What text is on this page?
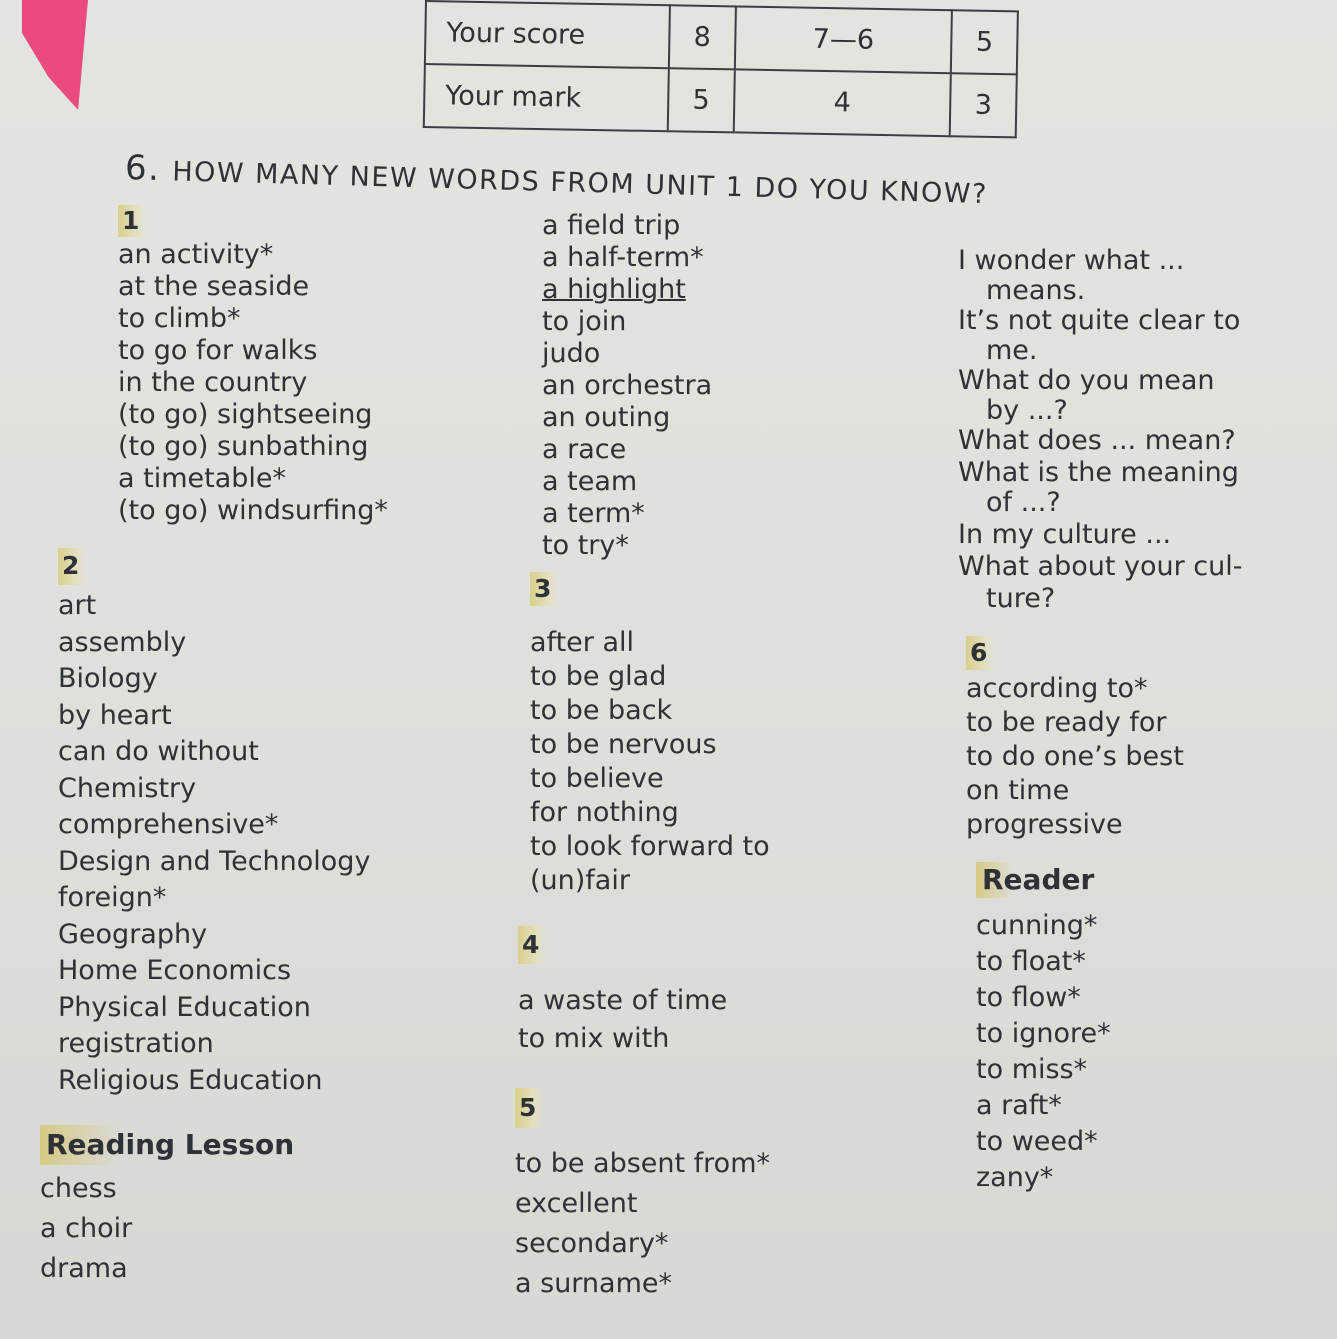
Your score	8	7—6	5
Your mark	5	4	3
6. HOW MANY NEW WORDS FROM UNIT 1 DO YOU KNOW?
1
an activity*
at the seaside
to climb*
to go for walks
in the country
(to go) sightseeing
(to go) sunbathing
a timetable*
(to go) windsurfing*
a field trip
a half-term*
a highlight
to join
judo
an orchestra
an outing
a race
a team
a term*
to try*
2
art
assembly
Biology
by heart
can do without
Chemistry
comprehensive*
Design and Technology
foreign*
Geography
Home Economics
Physical Education
registration
Religious Education
Reading Lesson
chess
a choir
drama
3
after all
to be glad
to be back
to be nervous
to believe
for nothing
to look forward to
(un)fair
4
a waste of time
to mix with
5
to be absent from*
excellent
secondary*
a surname*
I wonder what ...
means.
It’s not quite clear to
me.
What do you mean
by ...?
What does ... mean?
What is the meaning
of ...?
In my culture ...
What about your cul-
ture?
6
according to*
to be ready for
to do one’s best
on time
progressive
Reader
cunning*
to float*
to flow*
to ignore*
to miss*
a raft*
to weed*
zany*
